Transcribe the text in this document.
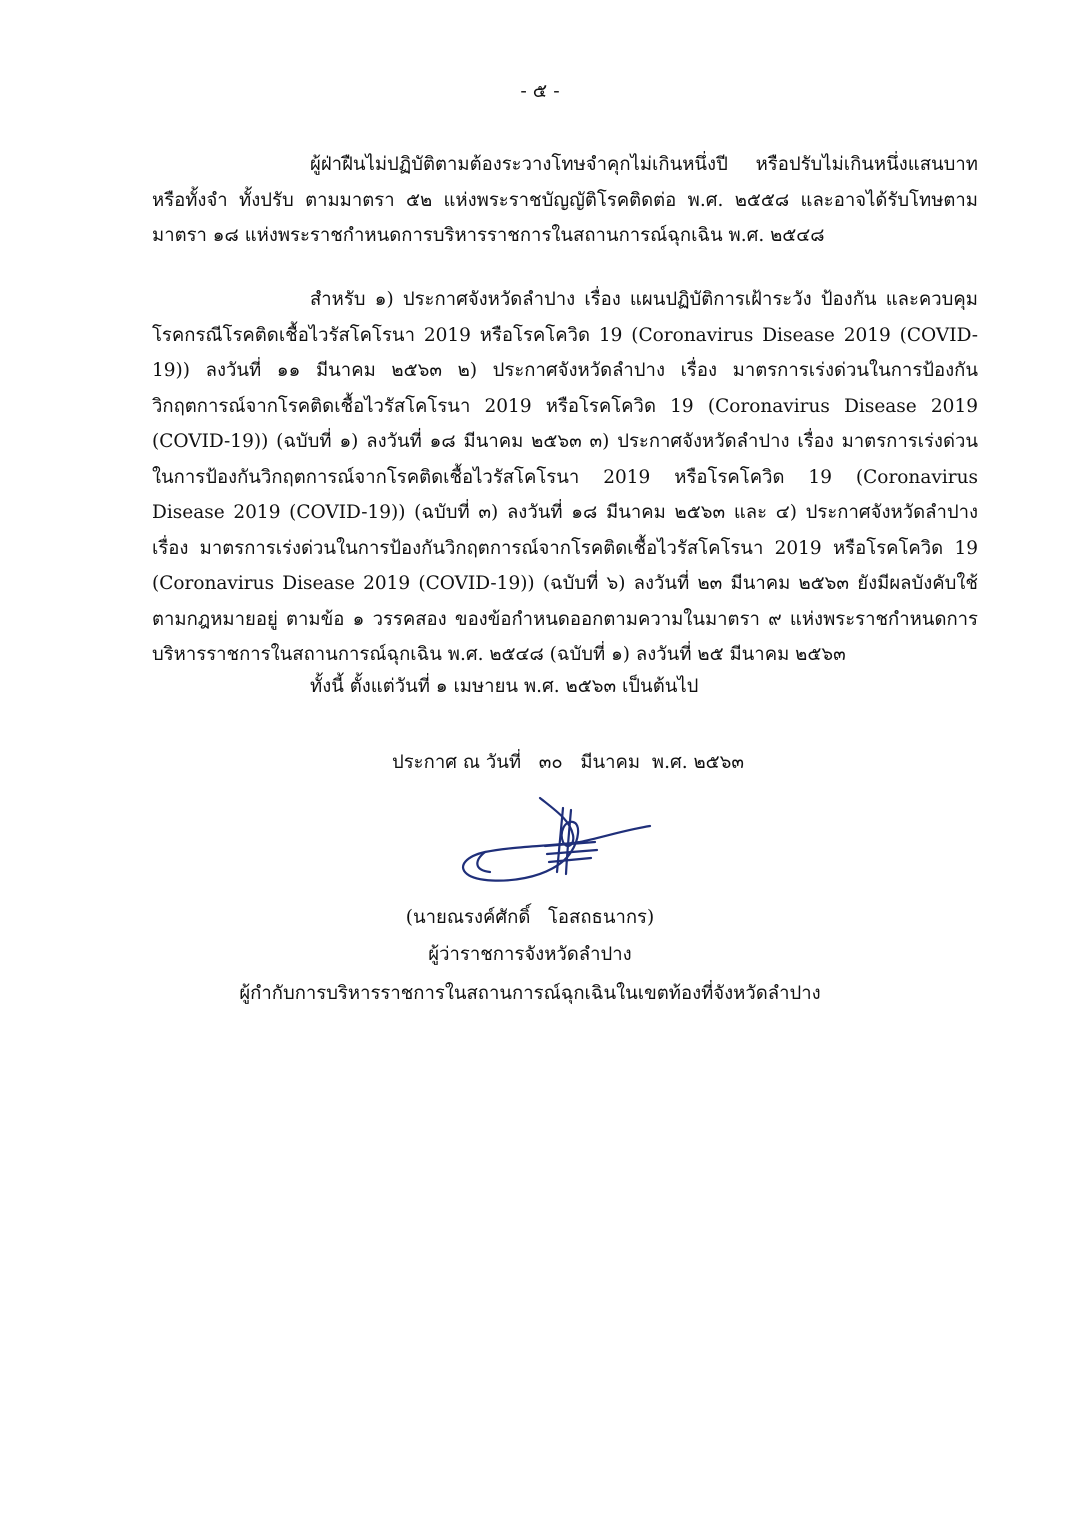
- ๕ -

ผู้ฝ่าฝืนไม่ปฏิบัติตามต้องระวางโทษจำคุกไม่เกินหนึ่งปี หรือปรับไม่เกินหนึ่งแสนบาท หรือทั้งจำ ทั้งปรับ ตามมาตรา ๕๒ แห่งพระราชบัญญัติโรคติดต่อ พ.ศ. ๒๕๕๘ และอาจได้รับโทษตามมาตรา ๑๘ แห่งพระราชกำหนดการบริหารราชการในสถานการณ์ฉุกเฉิน พ.ศ. ๒๕๔๘

สำหรับ ๑) ประกาศจังหวัดลำปาง เรื่อง แผนปฏิบัติการเฝ้าระวัง ป้องกัน และควบคุมโรคกรณีโรคติดเชื้อไวรัสโคโรนา 2019 หรือโรคโควิด 19 (Coronavirus Disease 2019 (COVID-19)) ลงวันที่ ๑๑ มีนาคม ๒๕๖๓ ๒) ประกาศจังหวัดลำปาง เรื่อง มาตรการเร่งด่วนในการป้องกันวิกฤตการณ์จากโรคติดเชื้อไวรัสโคโรนา 2019 หรือโรคโควิด 19 (Coronavirus Disease 2019 (COVID-19)) (ฉบับที่ ๑) ลงวันที่ ๑๘ มีนาคม ๒๕๖๓ ๓) ประกาศจังหวัดลำปาง เรื่อง มาตรการเร่งด่วนในการป้องกันวิกฤตการณ์จากโรคติดเชื้อไวรัสโคโรนา 2019 หรือโรคโควิด 19 (Coronavirus Disease 2019 (COVID-19)) (ฉบับที่ ๓) ลงวันที่ ๑๘ มีนาคม ๒๕๖๓ และ ๔) ประกาศจังหวัดลำปาง เรื่อง มาตรการเร่งด่วนในการป้องกันวิกฤตการณ์จากโรคติดเชื้อไวรัสโคโรนา 2019 หรือโรคโควิด 19 (Coronavirus Disease 2019 (COVID-19)) (ฉบับที่ ๖) ลงวันที่ ๒๓ มีนาคม ๒๕๖๓ ยังมีผลบังคับใช้ตามกฎหมายอยู่ ตามข้อ ๑ วรรคสอง ของข้อกำหนดออกตามความในมาตรา ๙ แห่งพระราชกำหนดการบริหารราชการในสถานการณ์ฉุกเฉิน พ.ศ. ๒๕๔๘ (ฉบับที่ ๑) ลงวันที่ ๒๕ มีนาคม ๒๕๖๓

ทั้งนี้ ตั้งแต่วันที่ ๑ เมษายน พ.ศ. ๒๕๖๓ เป็นต้นไป
ประกาศ ณ วันที่   ๓๐   มีนาคม  พ.ศ. ๒๕๖๓
(นายณรงค์ศักดิ์   โอสถธนากร)
ผู้ว่าราชการจังหวัดลำปาง
ผู้กำกับการบริหารราชการในสถานการณ์ฉุกเฉินในเขตท้องที่จังหวัดลำปาง
